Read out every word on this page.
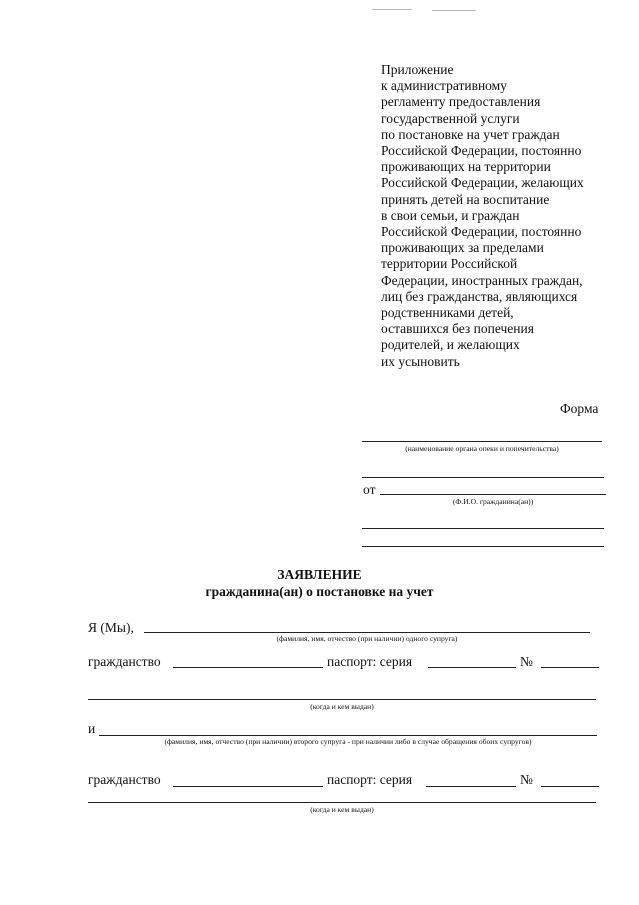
Приложение
к административному
регламенту предоставления
государственной услуги
по постановке на учет граждан
Российской Федерации, постоянно
проживающих на территории
Российской Федерации, желающих
принять детей на воспитание
в свои семьи, и граждан
Российской Федерации, постоянно
проживающих за пределами
территории Российской
Федерации, иностранных граждан,
лиц без гражданства, являющихся
родственниками детей,
оставшихся без попечения
родителей, и желающих
их усыновить
Форма
(наименование органа опеки и попечительства)
от
(Ф.И.О. гражданина(ан))
ЗАЯВЛЕНИЕ
гражданина(ан) о постановке на учет
Я (Мы),
(фамилия, имя, отчество (при наличии) одного супруга)
гражданство	паспорт: серия	№
(когда и кем выдан)
и
(фамилия, имя, отчество (при наличии) второго супруга - при наличии либо в случае обращения обоих супругов)
гражданство	паспорт: серия	№
(когда и кем выдан)
